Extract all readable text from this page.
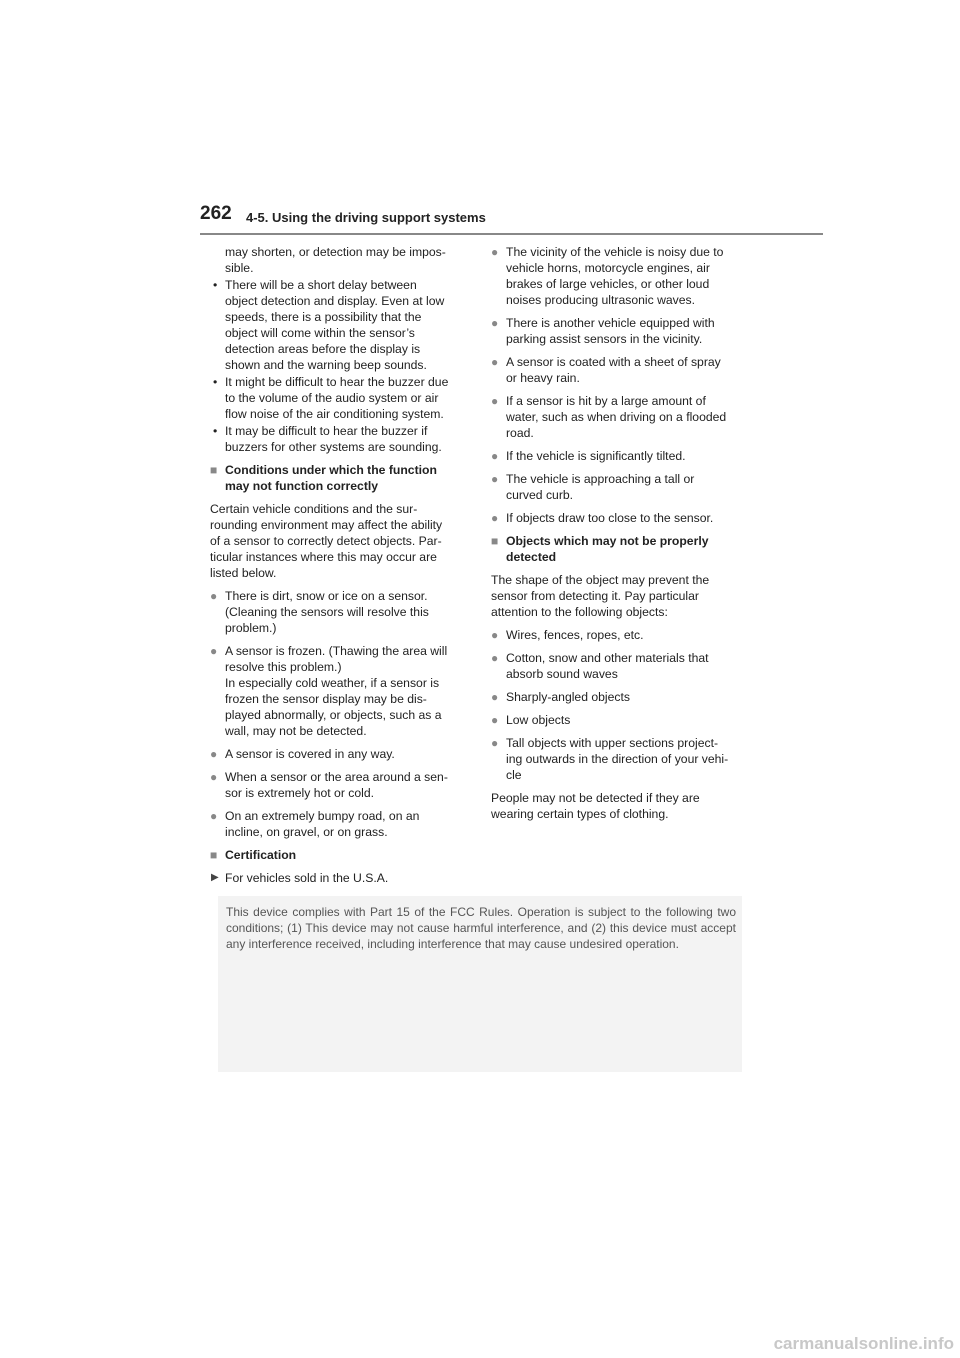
262 4-5. Using the driving support systems
may shorten, or detection may be impos-
sible.
• There will be a short delay between
object detection and display. Even at low
speeds, there is a possibility that the
object will come within the sensor’s
detection areas before the display is
shown and the warning beep sounds.
• It might be difficult to hear the buzzer due
to the volume of the audio system or air
flow noise of the air conditioning system.
• It may be difficult to hear the buzzer if
buzzers for other systems are sounding.
■ Conditions under which the function
may not function correctly
Certain vehicle conditions and the sur-
rounding environment may affect the ability
of a sensor to correctly detect objects. Par-
ticular instances where this may occur are
listed below.
● There is dirt, snow or ice on a sensor.
(Cleaning the sensors will resolve this
problem.)
● A sensor is frozen. (Thawing the area will
resolve this problem.)
In especially cold weather, if a sensor is
frozen the sensor display may be dis-
played abnormally, or objects, such as a
wall, may not be detected.
● A sensor is covered in any way.
● When a sensor or the area around a sen-
sor is extremely hot or cold.
● On an extremely bumpy road, on an
incline, on gravel, or on grass.
■ Certification
▶ For vehicles sold in the U.S.A.
● The vicinity of the vehicle is noisy due to
vehicle horns, motorcycle engines, air
brakes of large vehicles, or other loud
noises producing ultrasonic waves.
● There is another vehicle equipped with
parking assist sensors in the vicinity.
● A sensor is coated with a sheet of spray
or heavy rain.
● If a sensor is hit by a large amount of
water, such as when driving on a flooded
road.
● If the vehicle is significantly tilted.
● The vehicle is approaching a tall or
curved curb.
● If objects draw too close to the sensor.
■ Objects which may not be properly
detected
The shape of the object may prevent the
sensor from detecting it. Pay particular
attention to the following objects:
● Wires, fences, ropes, etc.
● Cotton, snow and other materials that
absorb sound waves
● Sharply-angled objects
● Low objects
● Tall objects with upper sections project-
ing outwards in the direction of your vehi-
cle
People may not be detected if they are
wearing certain types of clothing.
This device complies with Part 15 of the FCC Rules. Operation is subject to the following two conditions; (1) This device may not cause harmful interference, and (2) this device must accept any interference received, including interference that may cause undesired operation.
carmanualsonline.info
